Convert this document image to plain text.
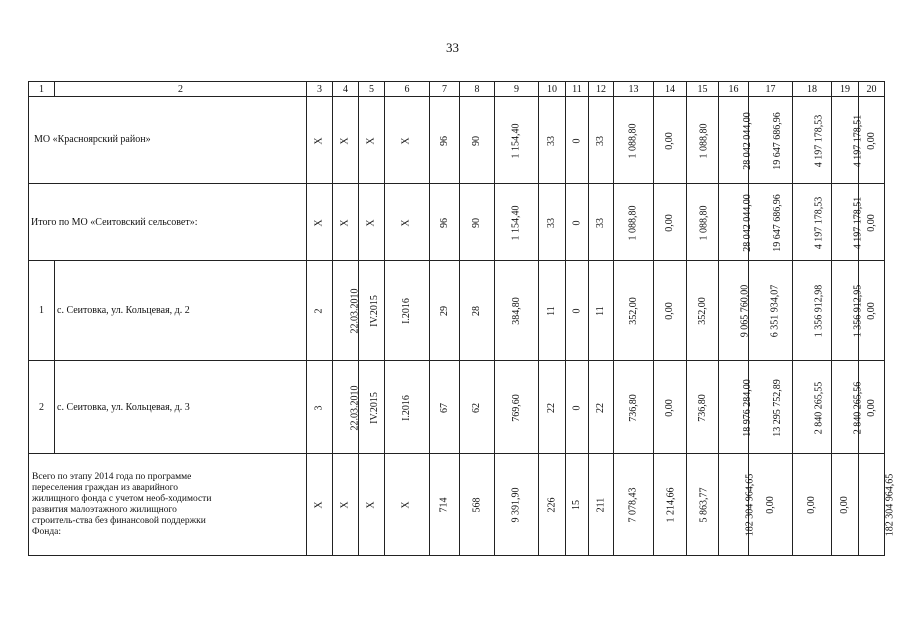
33
1	2	3	4	5	6	7	8	9	10	11	12	13	14	15	16	17	18	19	20
МО «Красноярский район»		X	X	X	X	96	90	1 154,40	33	0	33	1 088,80	0,00	1 088,80	28 042 044,00	19 647 686,96	4 197 178,53	4 197 178,51	0,00
Итого по МО «Сеитовский сельсовет»:		X	X	X	X	96	90	1 154,40	33	0	33	1 088,80	0,00	1 088,80	28 042 044,00	19 647 686,96	4 197 178,53	4 197 178,51	0,00
1	с. Сеитовка, ул. Кольцевая, д. 2	2	22.03.2010	IV.2015	I.2016	29	28	384,80	11	0	11	352,00	0,00	352,00	9 065 760,00	6 351 934,07	1 356 912,98	1 356 912,95	0,00
2	с. Сеитовка, ул. Кольцевая, д. 3	3	22.03.2010	IV.2015	I.2016	67	62	769,60	22	0	22	736,80	0,00	736,80	18 976 284,00	13 295 752,89	2 840 265,55	2 840 265,56	0,00

Всего по этапу 2014 года по программе переселения граждан из аварийного жилищного фонда с учетом необ-ходимости развития малоэтажного жилищного строитель-ства без финансовой поддержки Фонда:		X	X	X	X	714	568	9 391,90	226	15	211	7 078,43	1 214,66	5 863,77	182 304 964,65	0,00	0,00	0,00	182 304 964,65
